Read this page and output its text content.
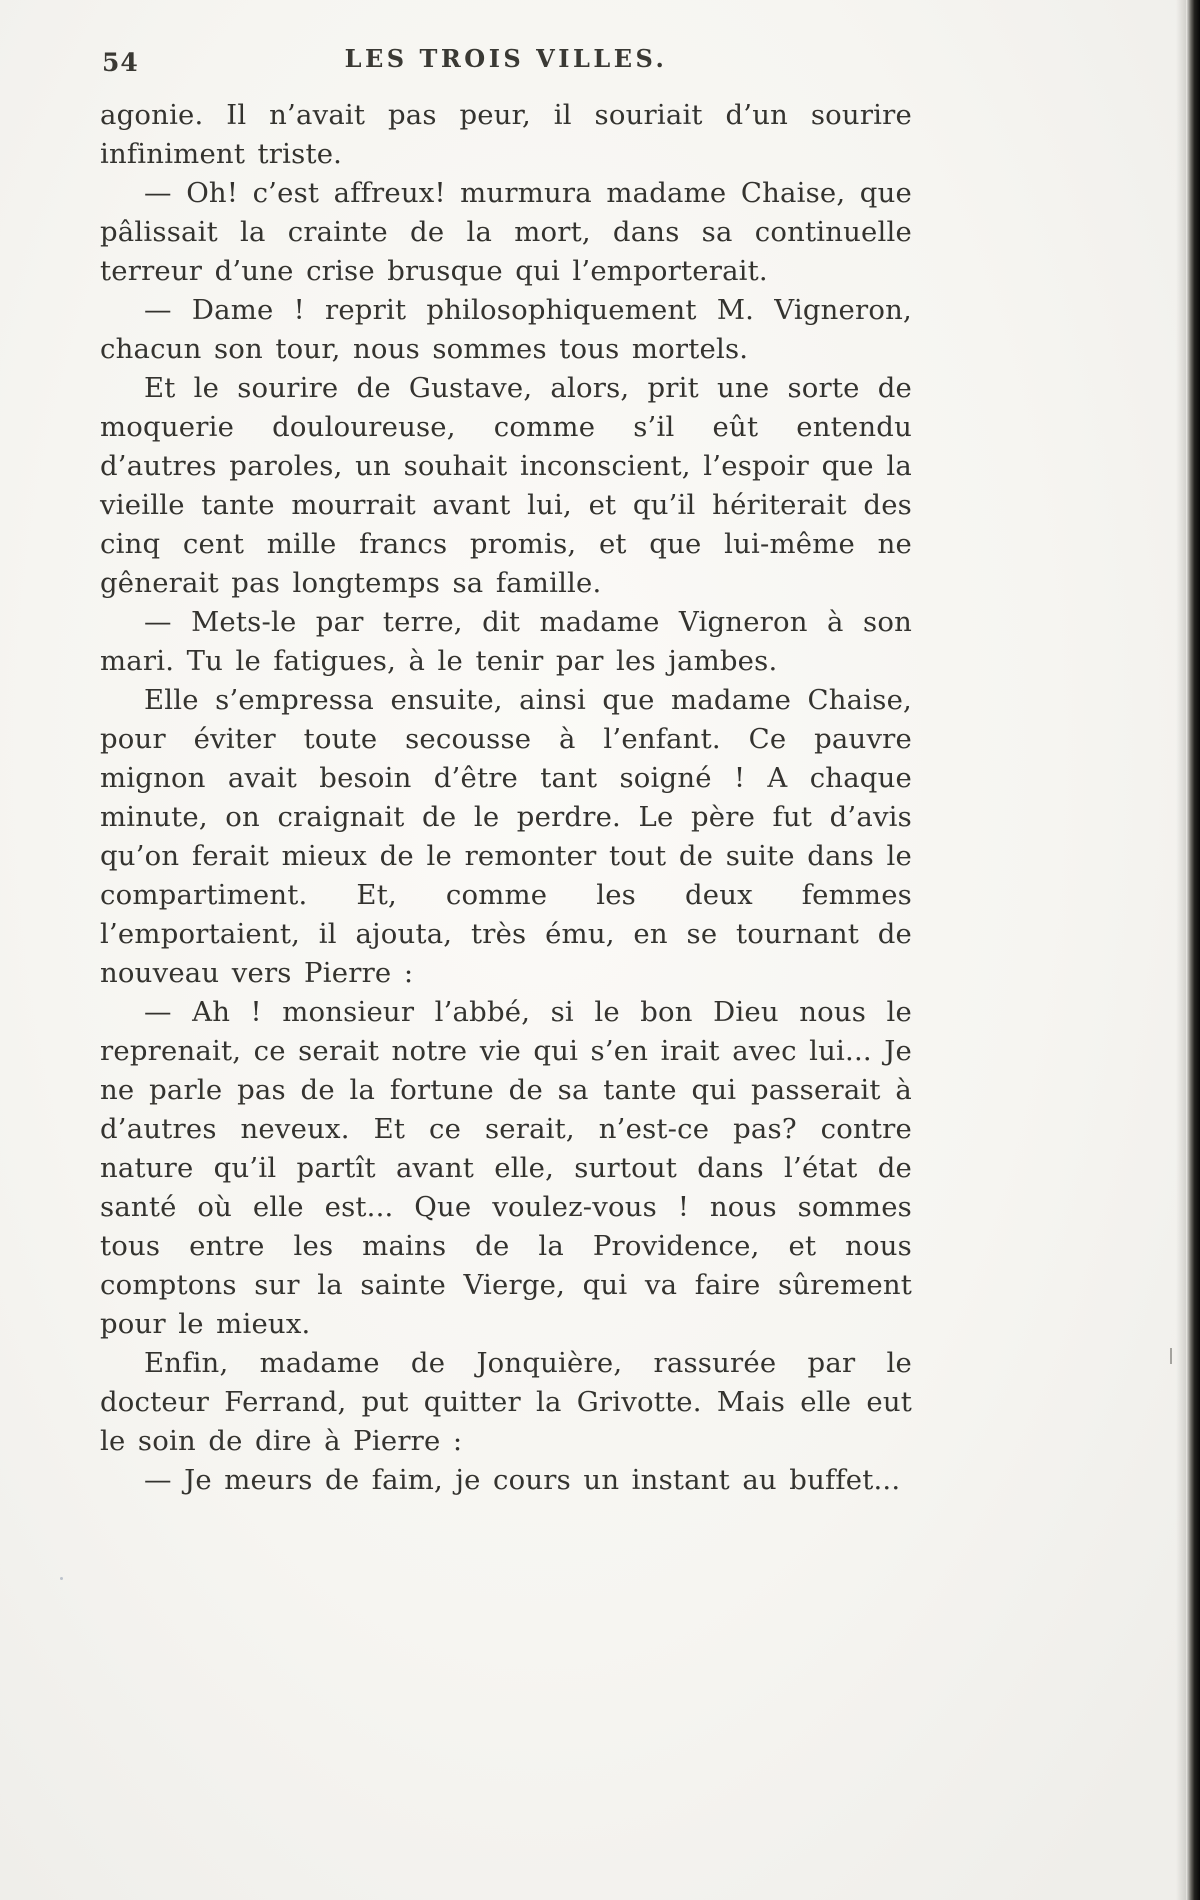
54	LES TROIS VILLES.

agonie. Il n’avait pas peur, il souriait d’un sourire infiniment triste.

— Oh! c’est affreux! murmura madame Chaise, que pâlissait la crainte de la mort, dans sa continuelle terreur d’une crise brusque qui l’emporterait.

— Dame ! reprit philosophiquement M. Vigneron, chacun son tour, nous sommes tous mortels.

Et le sourire de Gustave, alors, prit une sorte de moquerie douloureuse, comme s’il eût entendu d’autres paroles, un souhait inconscient, l’espoir que la vieille tante mourrait avant lui, et qu’il hériterait des cinq cent mille francs promis, et que lui-même ne gênerait pas longtemps sa famille.

— Mets-le par terre, dit madame Vigneron à son mari. Tu le fatigues, à le tenir par les jambes.

Elle s’empressa ensuite, ainsi que madame Chaise, pour éviter toute secousse à l’enfant. Ce pauvre mignon avait besoin d’être tant soigné ! A chaque minute, on craignait de le perdre. Le père fut d’avis qu’on ferait mieux de le remonter tout de suite dans le compartiment. Et, comme les deux femmes l’emportaient, il ajouta, très ému, en se tournant de nouveau vers Pierre :

— Ah ! monsieur l’abbé, si le bon Dieu nous le reprenait, ce serait notre vie qui s’en irait avec lui... Je ne parle pas de la fortune de sa tante qui passerait à d’autres neveux. Et ce serait, n’est-ce pas? contre nature qu’il partît avant elle, surtout dans l’état de santé où elle est... Que voulez-vous ! nous sommes tous entre les mains de la Providence, et nous comptons sur la sainte Vierge, qui va faire sûrement pour le mieux.

Enfin, madame de Jonquière, rassurée par le docteur Ferrand, put quitter la Grivotte. Mais elle eut le soin de dire à Pierre :

— Je meurs de faim, je cours un instant au buffet...
